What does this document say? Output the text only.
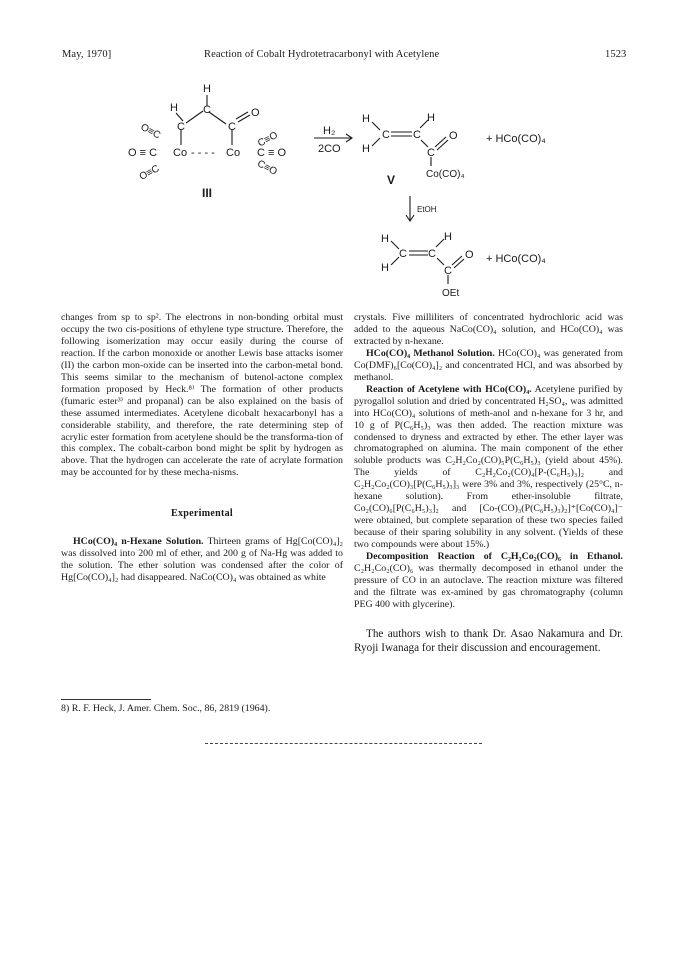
May, 1970]	Reaction of Cobalt Hydrotetracarbonyl with Acetylene	1523
H
C
H
C	C
O
Co - - - - Co
O≡C
O ≡ C
O≡C
C≡O
C ≡ O
C≡O
III
H₂
2CO
H
C C
H
H	C
O
Co(CO)₄
V
+ HCo(CO)₄
EtOH
H
C C
H
H	C
O
OEt
+ HCo(CO)₄

changes from sp to sp². The electrons in non-bonding orbital must occupy the two cis-positions of ethylene type structure. Therefore, the following isomerization may occur easily during the course of reaction. If the carbon monoxide or another Lewis base attacks isomer (II) the carbon mon-oxide can be inserted into the carbon-metal bond. This seems similar to the mechanism of butenol-actone complex formation proposed by Heck.⁸⁾ The formation of other products (fumaric ester³⁾ and propanal) can be also explained on the basis of these assumed intermediates. Acetylene dicobalt hexacarbonyl has a considerable stability, and therefore, the rate determining step of acrylic ester formation from acetylene should be the transforma-tion of this complex. The cobalt-carbon bond might be split by hydrogen as above. That the hydrogen can accelerate the rate of acrylate formation may be accounted for by these mecha-nisms.

Experimental

HCo(CO)₄ n-Hexane Solution. Thirteen grams of Hg[Co(CO)₄]₂ was dissolved into 200 ml of ether, and 200 g of Na-Hg was added to the solution. The ether solution was condensed after the color of Hg[Co(CO)₄]₂ had disappeared. NaCo(CO)₄ was obtained as white

8) R. F. Heck, J. Amer. Chem. Soc., 86, 2819 (1964).

crystals. Five milliliters of concentrated hydrochloric acid was added to the aqueous NaCo(CO)₄ solution, and HCo(CO)₄ was extracted by n-hexane.

HCo(CO)₄ Methanol Solution. HCo(CO)₄ was generated from Co(DMF)₆[Co(CO)₄]₂ and concentrated HCl, and was absorbed by methanol.

Reaction of Acetylene with HCo(CO)₄. Acetylene purified by pyrogallol solution and dried by concentrated H₂SO₄, was admitted into HCo(CO)₄ solutions of meth-anol and n-hexane for 3 hr, and 10 g of P(C₆H₅)₃ was then added. The reaction mixture was condensed to dryness and extracted by ether. The ether layer was chromatographed on alumina. The main component of the ether soluble products was C₂H₂Co₂(CO)₅P(C₆H₅)₃ (yield about 45%). The yields of C₂H₂Co₂(CO)₄[P-(C₆H₅)₃]₂ and C₂H₂Co₂(CO)₃[P(C₆H₅)₃]₃ were 3% and 3%, respectively (25°C, n-hexane solution). From ether-insoluble filtrate, Co₂(CO)₆[P(C₆H₅)₃]₂ and [Co-(CO)₃(P(C₆H₅)₃)₂]⁺[Co(CO)₄]⁻ were obtained, but complete separation of these two species failed because of their sparing solubility in any solvent. (Yields of these two compounds were about 15%.)

Decomposition Reaction of C₂H₂Co₂(CO)₆ in Ethanol. C₂H₂Co₂(CO)₆ was thermally decomposed in ethanol under the pressure of CO in an autoclave. The reaction mixture was filtered and the filtrate was ex-amined by gas chromatography (column PEG 400 with glycerine).

The authors wish to thank Dr. Asao Nakamura and Dr. Ryoji Iwanaga for their discussion and encouragement.
